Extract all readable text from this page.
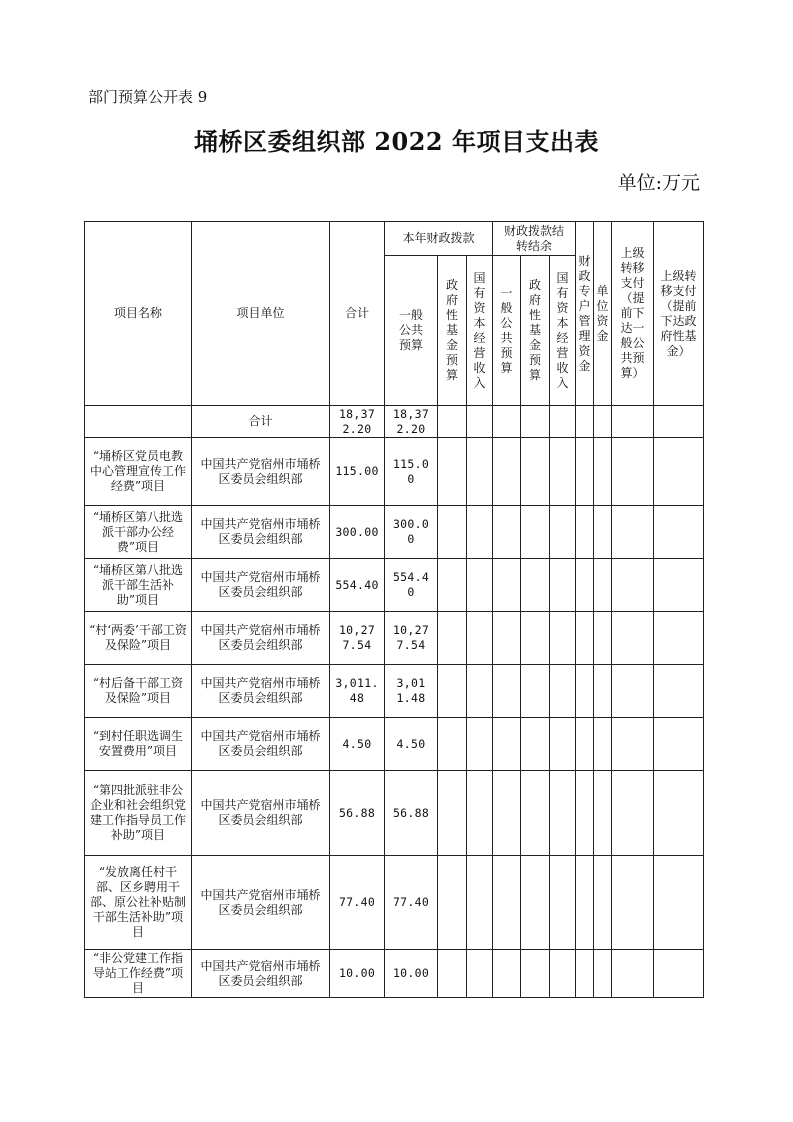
部门预算公开表 9
埇桥区委组织部 2022 年项目支出表
单位:万元
项目名称	项目单位	合计	本年财政拨款			财政拨款结转结余			财政专户管理资金	单位资金	上级转移支付（提前下达一般公共预算）	上级转移支付（提前下达政府性基金）

			一般公共预算	政府性基金预算	国有资本经营收入	一般公共预算	政府性基金预算	国有资本经营收入				

	合计	18,372.20	18,372.20									

“埇桥区党员电教中心管理宣传工作经费”项目	中国共产党宿州市埇桥区委员会组织部	115.00	115.00									

“埇桥区第八批选派干部办公经费”项目	中国共产党宿州市埇桥区委员会组织部	300.00	300.00									

“埇桥区第八批选派干部生活补助”项目	中国共产党宿州市埇桥区委员会组织部	554.40	554.40									

“村‘两委’干部工资及保险”项目	中国共产党宿州市埇桥区委员会组织部	10,277.54	10,277.54									

“村后备干部工资及保险”项目	中国共产党宿州市埇桥区委员会组织部	3,011.48	3,011.48									

“到村任职选调生安置费用”项目	中国共产党宿州市埇桥区委员会组织部	4.50	4.50									
“第四批派驻非公企业和社会组织党建工作指导员工作补助”项目	中国共产党宿州市埇桥区委员会组织部	56.88	56.88									
“发放离任村干部、区乡聘用干部、原公社补贴制干部生活补助”项目	中国共产党宿州市埇桥区委员会组织部	77.40	77.40									
“非公党建工作指导站工作经费”项目	中国共产党宿州市埇桥区委员会组织部	10.00	10.00									
